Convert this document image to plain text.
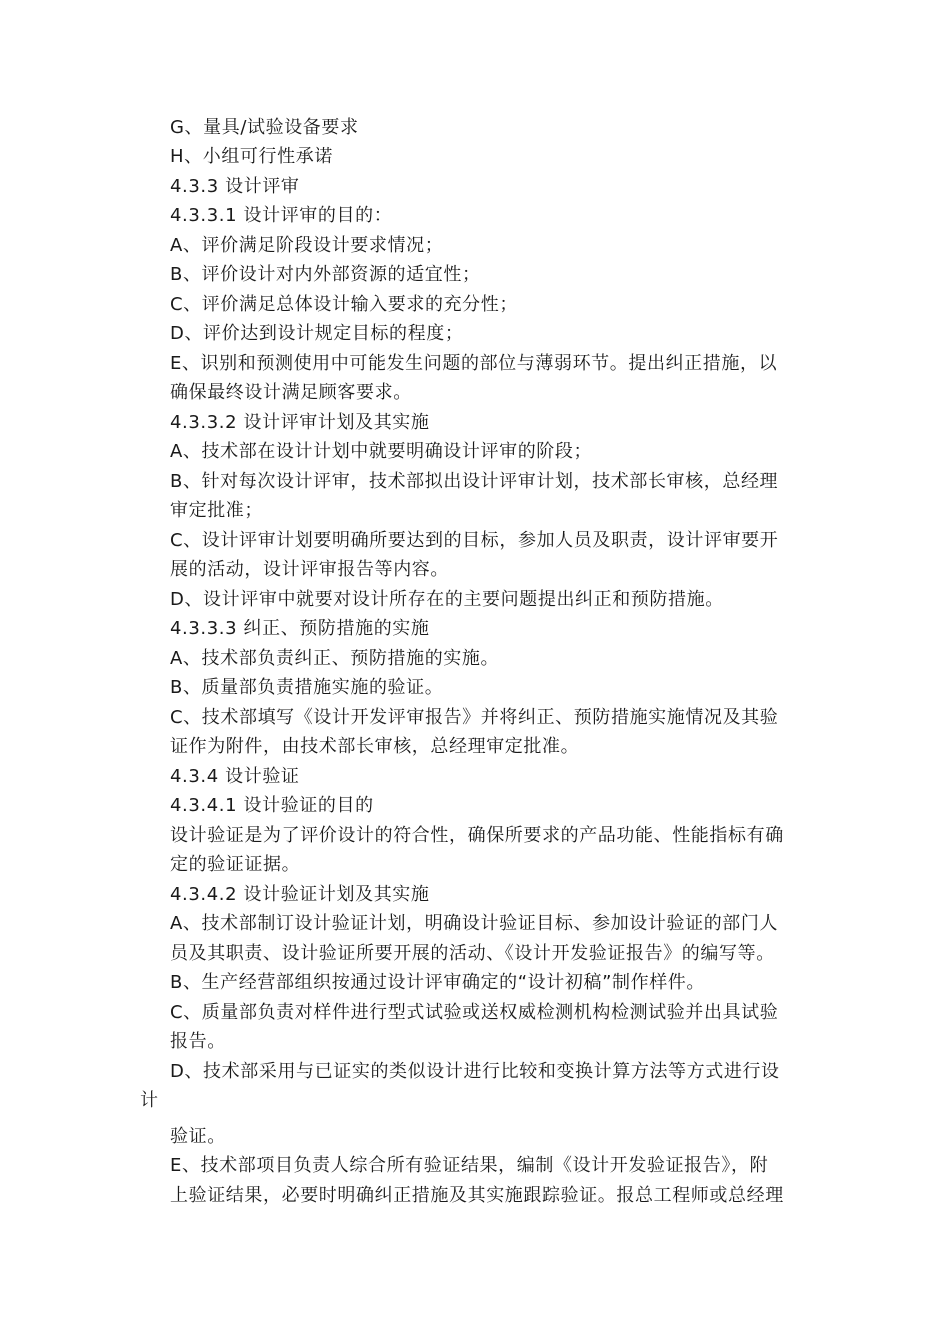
G、量具/试验设备要求
H、小组可行性承诺
4.3.3 设计评审
4.3.3.1 设计评审的目的：
A、评价满足阶段设计要求情况；
B、评价设计对内外部资源的适宜性；
C、评价满足总体设计输入要求的充分性；
D、评价达到设计规定目标的程度；
E、识别和预测使用中可能发生问题的部位与薄弱环节。提出纠正措施，以
确保最终设计满足顾客要求。
4.3.3.2 设计评审计划及其实施
A、技术部在设计计划中就要明确设计评审的阶段；
B、针对每次设计评审，技术部拟出设计评审计划，技术部长审核，总经理
审定批准；
C、设计评审计划要明确所要达到的目标，参加人员及职责，设计评审要开
展的活动，设计评审报告等内容。
D、设计评审中就要对设计所存在的主要问题提出纠正和预防措施。
4.3.3.3 纠正、预防措施的实施
A、技术部负责纠正、预防措施的实施。
B、质量部负责措施实施的验证。
C、技术部填写《设计开发评审报告》并将纠正、预防措施实施情况及其验
证作为附件，由技术部长审核，总经理审定批准。
4.3.4 设计验证
4.3.4.1 设计验证的目的
设计验证是为了评价设计的符合性，确保所要求的产品功能、性能指标有确
定的验证证据。
4.3.4.2 设计验证计划及其实施
A、技术部制订设计验证计划，明确设计验证目标、参加设计验证的部门人
员及其职责、设计验证所要开展的活动、《设计开发验证报告》的编写等。
B、生产经营部组织按通过设计评审确定的“设计初稿”制作样件。
C、质量部负责对样件进行型式试验或送权威检测机构检测试验并出具试验
报告。
D、技术部采用与已证实的类似设计进行比较和变换计算方法等方式进行设
计
验证。
E、技术部项目负责人综合所有验证结果，编制《设计开发验证报告》，附
上验证结果，必要时明确纠正措施及其实施跟踪验证。报总工程师或总经理
